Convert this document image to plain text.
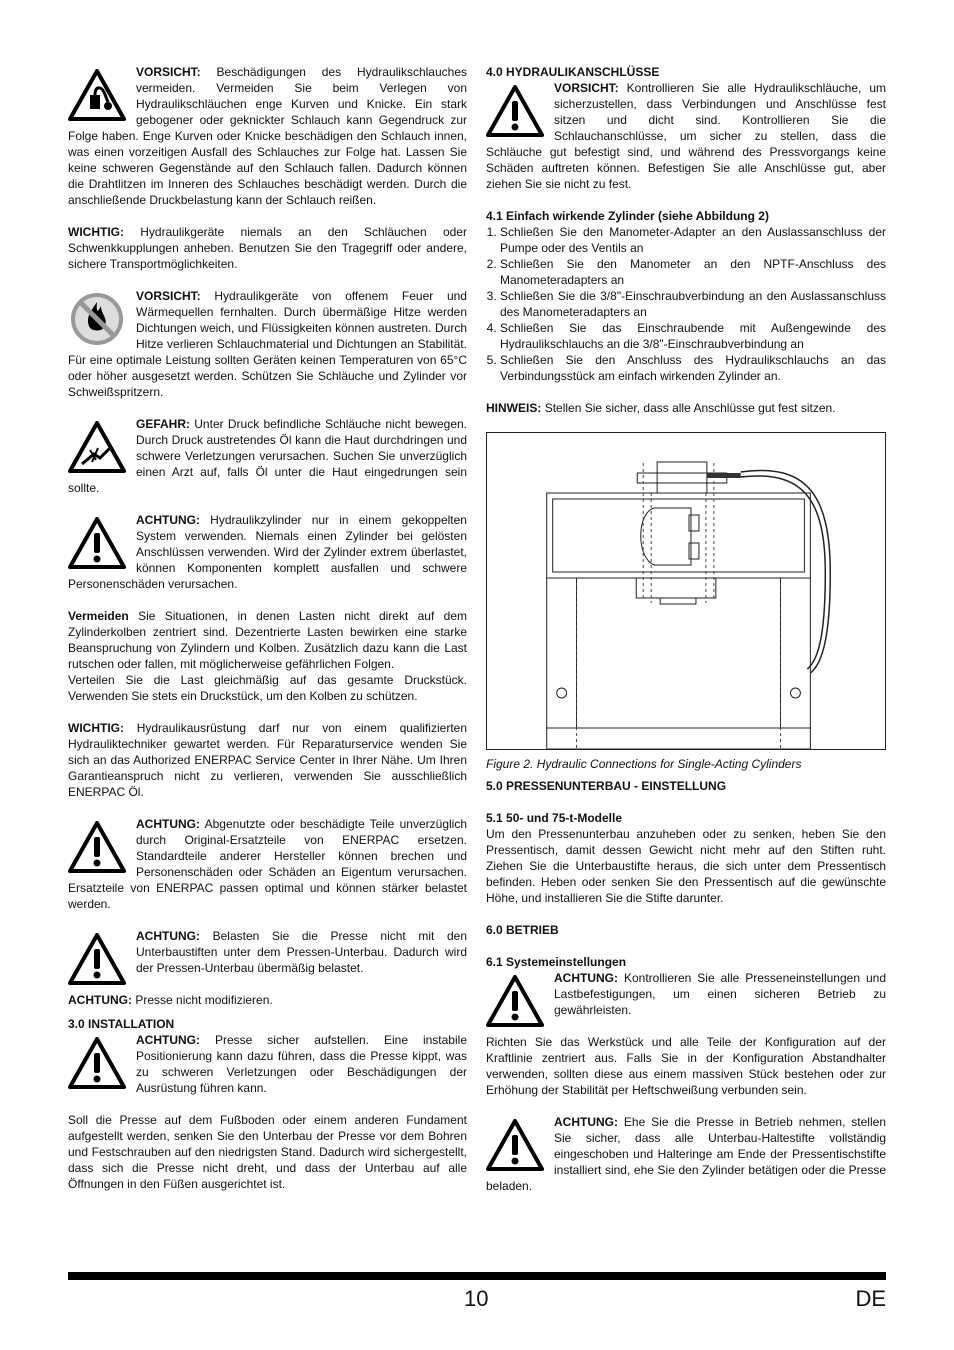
VORSICHT: Beschädigungen des Hydraulikschlauches vermeiden. Vermeiden Sie beim Verlegen von Hydraulikschläuchen enge Kurven und Knicke. Ein stark gebogener oder geknickter Schlauch kann Gegendruck zur Folge haben. Enge Kurven oder Knicke beschädigen den Schlauch innen, was einen vorzeitigen Ausfall des Schlauches zur Folge hat. Lassen Sie keine schweren Gegenstände auf den Schlauch fallen. Dadurch können die Drahtlitzen im Inneren des Schlauches beschädigt werden. Durch die anschließende Druckbelastung kann der Schlauch reißen.

WICHTIG: Hydraulikgeräte niemals an den Schläuchen oder Schwenkkupplungen anheben. Benutzen Sie den Tragegriff oder andere, sichere Transportmöglichkeiten.

VORSICHT: Hydraulikgeräte von offenem Feuer und Wärmequellen fernhalten. Durch übermäßige Hitze werden Dichtungen weich, und Flüssigkeiten können austreten. Durch Hitze verlieren Schlauchmaterial und Dichtungen an Stabilität. Für eine optimale Leistung sollten Geräten keinen Temperaturen von 65°C oder höher ausgesetzt werden. Schützen Sie Schläuche und Zylinder vor Schweißspritzern.

GEFAHR: Unter Druck befindliche Schläuche nicht bewegen. Durch Druck austretendes Öl kann die Haut durchdringen und schwere Verletzungen verursachen. Suchen Sie unverzüglich einen Arzt auf, falls Öl unter die Haut eingedrungen sein sollte.

ACHTUNG: Hydraulikzylinder nur in einem gekoppelten System verwenden. Niemals einen Zylinder bei gelösten Anschlüssen verwenden. Wird der Zylinder extrem überlastet, können Komponenten komplett ausfallen und schwere Personenschäden verursachen.

Vermeiden Sie Situationen, in denen Lasten nicht direkt auf dem Zylinderkolben zentriert sind. Dezentrierte Lasten bewirken eine starke Beanspruchung von Zylindern und Kolben. Zusätzlich dazu kann die Last rutschen oder fallen, mit möglicherweise gefährlichen Folgen.

Verteilen Sie die Last gleichmäßig auf das gesamte Druckstück. Verwenden Sie stets ein Druckstück, um den Kolben zu schützen.

WICHTIG: Hydraulikausrüstung darf nur von einem qualifizierten Hydrauliktechniker gewartet werden. Für Reparaturservice wenden Sie sich an das Authorized ENERPAC Service Center in Ihrer Nähe. Um Ihren Garantieanspruch nicht zu verlieren, verwenden Sie ausschließlich ENERPAC Öl.

ACHTUNG: Abgenutzte oder beschädigte Teile unverzüglich durch Original-Ersatzteile von ENERPAC ersetzen. Standardteile anderer Hersteller können brechen und Personenschäden oder Schäden an Eigentum verursachen. Ersatzteile von ENERPAC passen optimal und können stärker belastet werden.

ACHTUNG: Belasten Sie die Presse nicht mit den Unterbaustiften unter dem Pressen-Unterbau. Dadurch wird der Pressen-Unterbau übermäßig belastet.

ACHTUNG: Presse nicht modifizieren.

3.0 INSTALLATION

ACHTUNG: Presse sicher aufstellen. Eine instabile Positionierung kann dazu führen, dass die Presse kippt, was zu schweren Verletzungen oder Beschädigungen der Ausrüstung führen kann.

Soll die Presse auf dem Fußboden oder einem anderen Fundament aufgestellt werden, senken Sie den Unterbau der Presse vor dem Bohren und Festschrauben auf den niedrigsten Stand. Dadurch wird sichergestellt, dass sich die Presse nicht dreht, und dass der Unterbau auf alle Öffnungen in den Füßen ausgerichtet ist.

4.0 HYDRAULIKANSCHLÜSSE

VORSICHT: Kontrollieren Sie alle Hydraulikschläuche, um sicherzustellen, dass Verbindungen und Anschlüsse fest sitzen und dicht sind. Kontrollieren Sie die Schlauchanschlüsse, um sicher zu stellen, dass die Schläuche gut befestigt sind, und während des Pressvorgangs keine Schäden auftreten können. Befestigen Sie alle Anschlüsse gut, aber ziehen Sie sie nicht zu fest.

4.1 Einfach wirkende Zylinder (siehe Abbildung 2)
1. Schließen Sie den Manometer-Adapter an den Auslassanschluss der Pumpe oder des Ventils an
2. Schließen Sie den Manometer an den NPTF-Anschluss des Manometeradapters an
3. Schließen Sie die 3/8"-Einschraubverbindung an den Auslassanschluss des Manometeradapters an
4. Schließen Sie das Einschraubende mit Außengewinde des Hydraulikschlauchs an die 3/8"-Einschraubverbindung an
5. Schließen Sie den Anschluss des Hydraulikschlauchs an das Verbindungsstück am einfach wirkenden Zylinder an.

HINWEIS: Stellen Sie sicher, dass alle Anschlüsse gut fest sitzen.

Figure 2. Hydraulic Connections for Single-Acting Cylinders
5.0 PRESSENUNTERBAU - EINSTELLUNG
5.1 50- und 75-t-Modelle

Um den Pressenunterbau anzuheben oder zu senken, heben Sie den Pressentisch, damit dessen Gewicht nicht mehr auf den Stiften ruht. Ziehen Sie die Unterbaustifte heraus, die sich unter dem Pressentisch befinden. Heben oder senken Sie den Pressentisch auf die gewünschte Höhe, und installieren Sie die Stifte darunter.

6.0 BETRIEB
6.1 Systemeinstellungen

ACHTUNG: Kontrollieren Sie alle Presseneinstellungen und Lastbefestigungen, um einen sicheren Betrieb zu gewährleisten.

Richten Sie das Werkstück und alle Teile der Konfiguration auf der Kraftlinie zentriert aus. Falls Sie in der Konfiguration Abstandhalter verwenden, sollten diese aus einem massiven Stück bestehen oder zur Erhöhung der Stabilität per Heftschweißung verbunden sein.

ACHTUNG: Ehe Sie die Presse in Betrieb nehmen, stellen Sie sicher, dass alle Unterbau-Haltestifte vollständig eingeschoben und Halteringe am Ende der Pressentischstifte installiert sind, ehe Sie den Zylinder betätigen oder die Presse beladen.

10	DE
